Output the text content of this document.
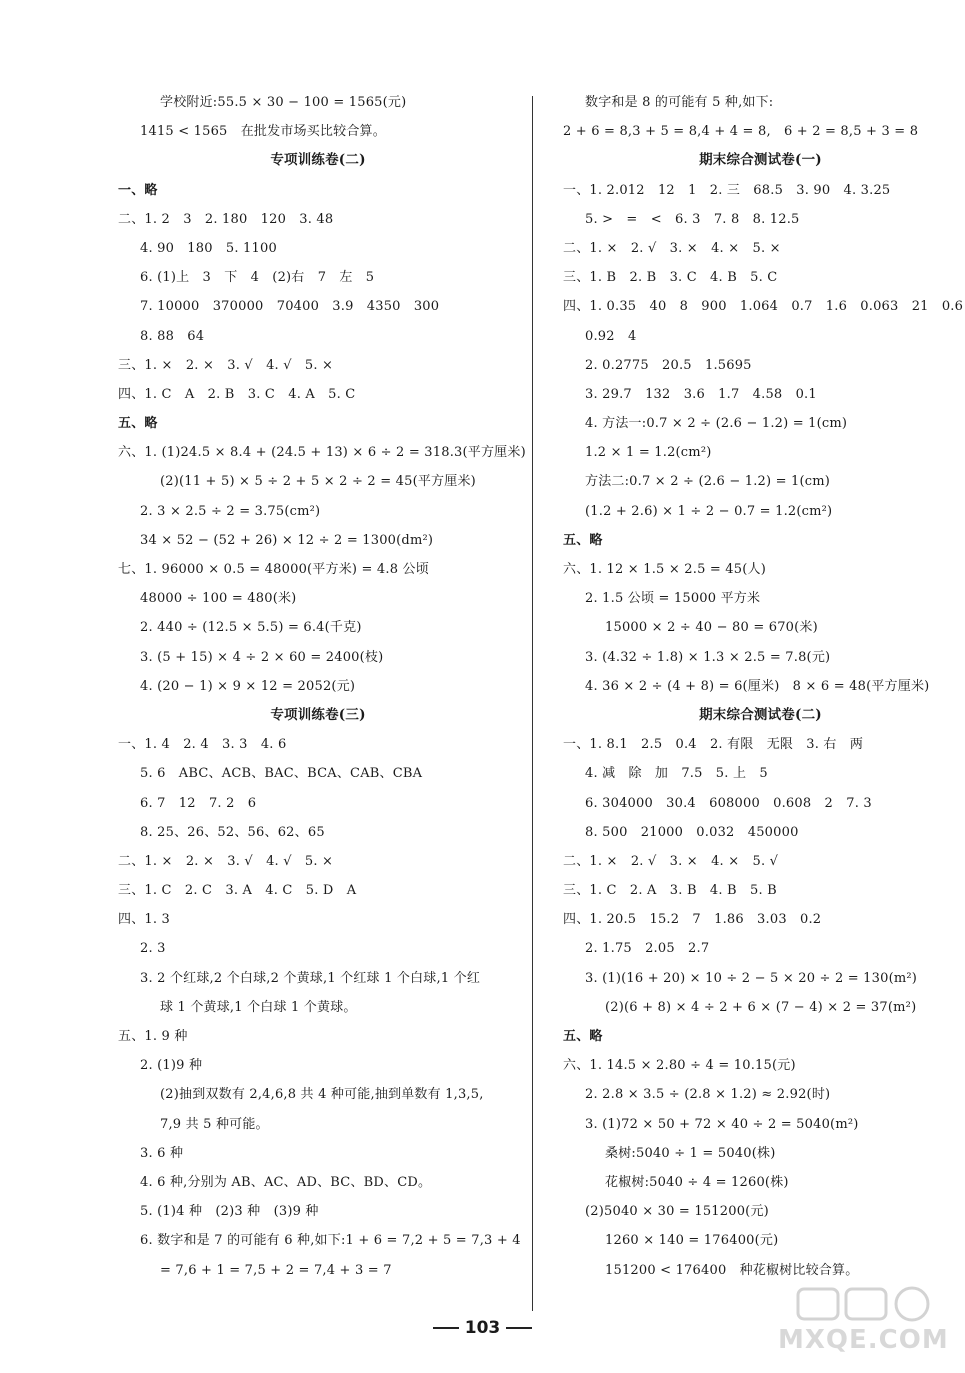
学校附近:55.5 × 30 − 100 = 1565(元)
1415 < 1565　在批发市场买比较合算。
专项训练卷(二)
一、略
二、1. 2　3　2. 180　120　3. 48
4. 90　180　5. 1100
6. (1)上　3　下　4　(2)右　7　左　5
7. 10000　370000　70400　3.9　4350　300
8. 88　64
三、1. ×　2. ×　3. √　4. √　5. ×
四、1. C　A　2. B　3. C　4. A　5. C
五、略
六、1. (1)24.5 × 8.4 + (24.5 + 13) × 6 ÷ 2 = 318.3(平方厘米)
(2)(11 + 5) × 5 ÷ 2 + 5 × 2 ÷ 2 = 45(平方厘米)
2. 3 × 2.5 ÷ 2 = 3.75(cm²)
34 × 52 − (52 + 26) × 12 ÷ 2 = 1300(dm²)
七、1. 96000 × 0.5 = 48000(平方米) = 4.8 公顷
48000 ÷ 100 = 480(米)
2. 440 ÷ (12.5 × 5.5) = 6.4(千克)
3. (5 + 15) × 4 ÷ 2 × 60 = 2400(枝)
4. (20 − 1) × 9 × 12 = 2052(元)
专项训练卷(三)
一、1. 4　2. 4　3. 3　4. 6
5. 6　ABC、ACB、BAC、BCA、CAB、CBA
6. 7　12　7. 2　6
8. 25、26、52、56、62、65
二、1. ×　2. ×　3. √　4. √　5. ×
三、1. C　2. C　3. A　4. C　5. D　A
四、1. 3
2. 3
3. 2 个红球,2 个白球,2 个黄球,1 个红球 1 个白球,1 个红
球 1 个黄球,1 个白球 1 个黄球。
五、1. 9 种
2. (1)9 种
(2)抽到双数有 2,4,6,8 共 4 种可能,抽到单数有 1,3,5,
7,9 共 5 种可能。
3. 6 种
4. 6 种,分别为 AB、AC、AD、BC、BD、CD。
5. (1)4 种　(2)3 种　(3)9 种
6. 数字和是 7 的可能有 6 种,如下:1 + 6 = 7,2 + 5 = 7,3 + 4
= 7,6 + 1 = 7,5 + 2 = 7,4 + 3 = 7
数字和是 8 的可能有 5 种,如下:
2 + 6 = 8,3 + 5 = 8,4 + 4 = 8,　6 + 2 = 8,5 + 3 = 8
期末综合测试卷(一)
一、1. 2.012　12　1　2. 三　68.5　3. 90　4. 3.25
5. >　=　<　6. 3　7. 8　8. 12.5
二、1. ×　2. √　3. ×　4. ×　5. ×
三、1. B　2. B　3. C　4. B　5. C
四、1. 0.35　40　8　900　1.064　0.7　1.6　0.063　21　0.6
0.92　4
2. 0.2775　20.5　1.5695
3. 29.7　132　3.6　1.7　4.58　0.1
4. 方法一:0.7 × 2 ÷ (2.6 − 1.2) = 1(cm)
1.2 × 1 = 1.2(cm²)
方法二:0.7 × 2 ÷ (2.6 − 1.2) = 1(cm)
(1.2 + 2.6) × 1 ÷ 2 − 0.7 = 1.2(cm²)
五、略
六、1. 12 × 1.5 × 2.5 = 45(人)
2. 1.5 公顷 = 15000 平方米
15000 × 2 ÷ 40 − 80 = 670(米)
3. (4.32 ÷ 1.8) × 1.3 × 2.5 = 7.8(元)
4. 36 × 2 ÷ (4 + 8) = 6(厘米)　8 × 6 = 48(平方厘米)
期末综合测试卷(二)
一、1. 8.1　2.5　0.4　2. 有限　无限　3. 右　两
4. 减　除　加　7.5　5. 上　5
6. 304000　30.4　608000　0.608　2　7. 3
8. 500　21000　0.032　450000
二、1. ×　2. √　3. ×　4. ×　5. √
三、1. C　2. A　3. B　4. B　5. B
四、1. 20.5　15.2　7　1.86　3.03　0.2
2. 1.75　2.05　2.7
3. (1)(16 + 20) × 10 ÷ 2 − 5 × 20 ÷ 2 = 130(m²)
(2)(6 + 8) × 4 ÷ 2 + 6 × (7 − 4) × 2 = 37(m²)
五、略
六、1. 14.5 × 2.80 ÷ 4 = 10.15(元)
2. 2.8 × 3.5 ÷ (2.8 × 1.2) ≈ 2.92(时)
3. (1)72 × 50 + 72 × 40 ÷ 2 = 5040(m²)
桑树:5040 ÷ 1 = 5040(株)
花椒树:5040 ÷ 4 = 1260(株)
(2)5040 × 30 = 151200(元)
1260 × 140 = 176400(元)
151200 < 176400　种花椒树比较合算。
103	MXQE.COM
